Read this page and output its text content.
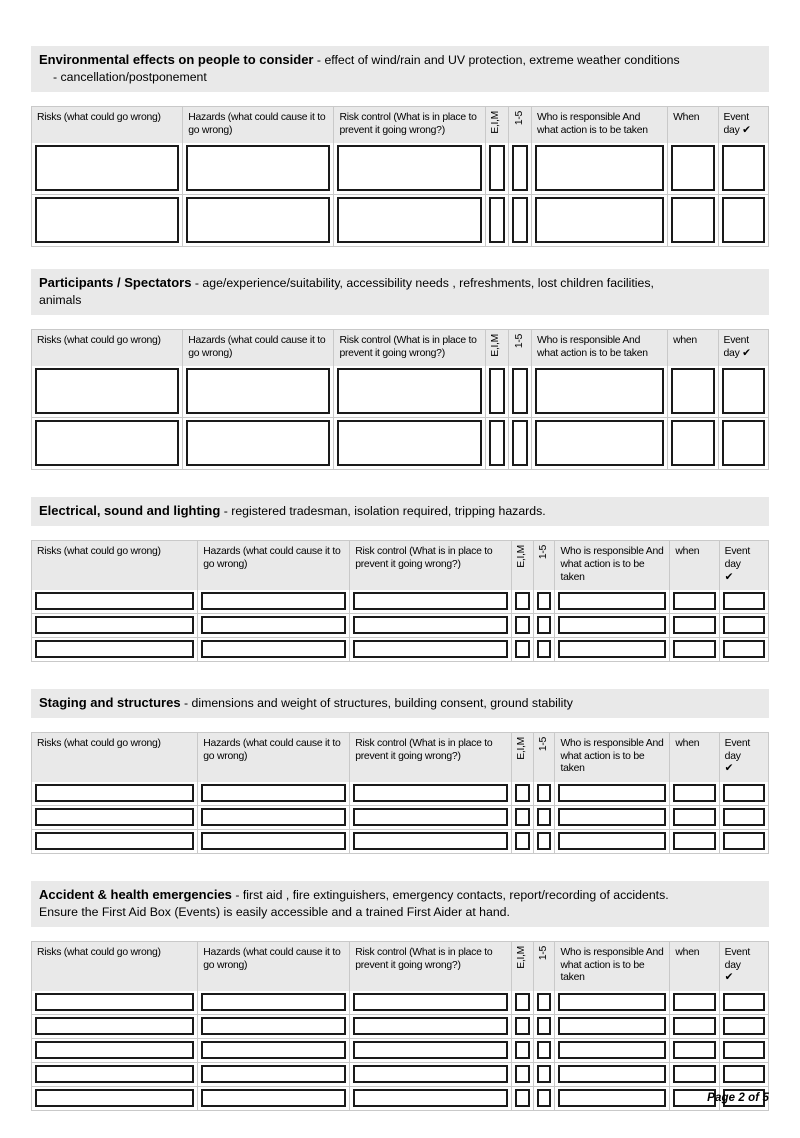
Environmental effects on people to consider - effect of wind/rain and UV protection, extreme weather conditions
- cancellation/postponement
Risks (what could go wrong)	Hazards (what could cause it to go wrong)	Risk control (What is in place to prevent it going wrong?)	E,I,M	1-5	Who is responsible And what action is to be taken	When	Event
day ✔

Participants / Spectators - age/experience/suitability, accessibility needs , refreshments, lost children facilities,
animals
Risks (what could go wrong)	Hazards (what could cause it to go wrong)	Risk control (What is in place to prevent it going wrong?)	E,I,M	1-5	Who is responsible And what action is to be taken	when	Event
day ✔

Electrical, sound and lighting - registered tradesman, isolation required, tripping hazards.
Risks (what could go wrong)	Hazards (what could cause it to go wrong)	Risk control (What is in place to prevent it going wrong?)	E,I,M	1-5	Who is responsible And what action is to be taken	when	Event
day
✔

Staging and structures - dimensions and weight of structures, building consent, ground stability
Risks (what could go wrong)	Hazards (what could cause it to go wrong)	Risk control (What is in place to prevent it going wrong?)	E,I,M	1-5	Who is responsible And what action is to be taken	when	Event
day
✔

Accident & health emergencies - first aid , fire extinguishers, emergency contacts, report/recording of accidents.
Ensure the First Aid Box (Events) is easily accessible and a trained First Aider at hand.
Risks (what could go wrong)	Hazards (what could cause it to go wrong)	Risk control (What is in place to prevent it going wrong?)	E,I,M	1-5	Who is responsible And what action is to be taken	when	Event
day
✔

Page 2 of 5
